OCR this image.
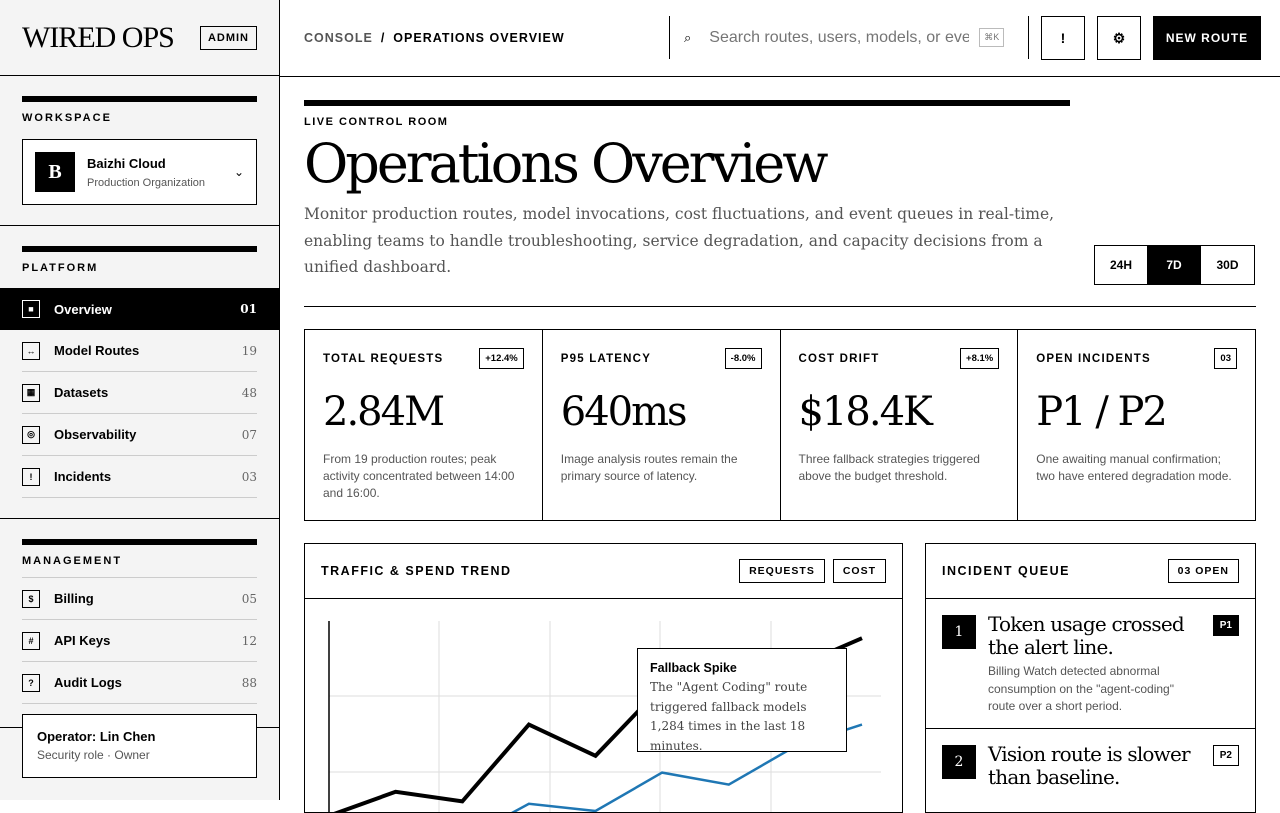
WIRED OPS	ADMIN
WORKSPACE
B	Baizhi Cloud
Production Organization
⌄
PLATFORM
■	Overview	01
↔	Model Routes	19
▦	Datasets	48
◎	Observability	07
!	Incidents	03
MANAGEMENT
$	Billing	05
#	API Keys	12
?	Audit Logs	88
Operator: Lin Chen
Security role · Owner
CONSOLE / OPERATIONS OVERVIEW	⌕
Search routes, users, models, or events	⌘K	!	⚙	NEW ROUTE
LIVE CONTROL ROOM
Operations Overview
Monitor production routes, model invocations, cost fluctuations, and event queues in real-time, enabling teams to handle troubleshooting, service degradation, and capacity decisions from a unified dashboard.	24H	7D	30D
TOTAL REQUESTS	+12.4%
2.84M
From 19 production routes; peak activity concentrated between 14:00 and 16:00.
P95 LATENCY	-8.0%
640ms
Image analysis routes remain the primary source of latency.
COST DRIFT	+8.1%
$18.4K
Three fallback strategies triggered above the budget threshold.
OPEN INCIDENTS	03
P1 / P2
One awaiting manual confirmation; two have entered degradation mode.
TRAFFIC & SPEND TREND	REQUESTS	COST
Fallback Spike
The "Agent Coding" route triggered fallback models 1,284 times in the last 18 minutes.
INCIDENT QUEUE	03 OPEN
1	Token usage crossed the alert line.
Billing Watch detected abnormal consumption on the "agent-coding" route over a short period.
P1
2	Vision route is slower than baseline.
P2
